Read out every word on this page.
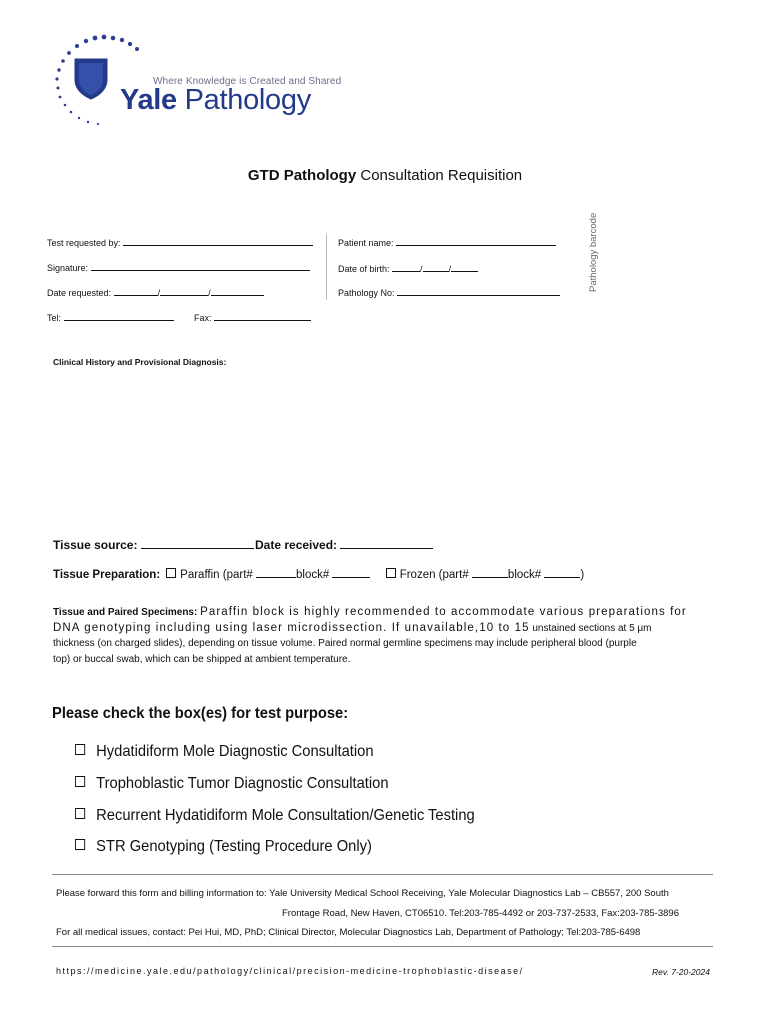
Where Knowledge is Created and Shared
Yale Pathology
GTD Pathology Consultation Requisition
Pathology barcode
Test requested by:
Signature:
Date requested:	/	/
Tel:	Fax:
Patient name:
Date of birth:	/	/
Pathology No:
Clinical History and Provisional Diagnosis:
Tissue source:	Date received:
Tissue Preparation: Paraffin (part#	block#	Frozen (part#	block#	)
Tissue and Paired Specimens: Paraffin block is highly recommended to accommodate various preparations for
DNA genotyping including using laser microdissection. If unavailable,10 to 15 unstained sections at 5 μm
thickness (on charged slides), depending on tissue volume. Paired normal germline specimens may include peripheral blood (purple
top) or buccal swab, which can be shipped at ambient temperature.
Please check the box(es) for test purpose:
Hydatidiform Mole Diagnostic Consultation
Trophoblastic Tumor Diagnostic Consultation
Recurrent Hydatidiform Mole Consultation/Genetic Testing
STR Genotyping (Testing Procedure Only)
Please forward this form and billing information to: Yale University Medical School Receiving, Yale Molecular Diagnostics Lab – CB557, 200 South
Frontage Road, New Haven, CT06510. Tel:203-785-4492 or 203-737-2533, Fax:203-785-3896
For all medical issues, contact: Pei Hui, MD, PhD; Clinical Director, Molecular Diagnostics Lab, Department of Pathology; Tel:203-785-6498
https://medicine.yale.edu/pathology/clinical/precision-medicine-trophoblastic-disease/	Rev. 7-20-2024
